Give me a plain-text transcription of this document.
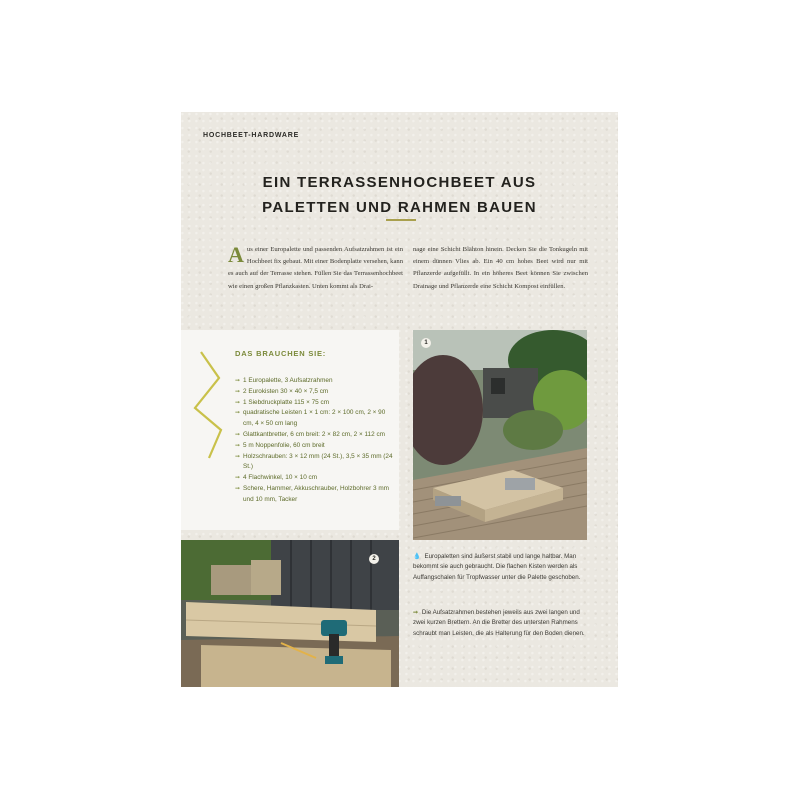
HOCHBEET-HARDWARE
EIN TERRASSENHOCHBEET AUS
PALETTEN UND RAHMEN BAUEN
A us einer Europalette und passenden Aufsatzrahmen ist ein Hochbeet fix gebaut. Mit einer Bodenplatte versehen, kann es auch auf der Terrasse stehen. Füllen Sie das Terrassenhochbeet wie einen großen Pflanzkasten. Unten kommt als Drai-
nage eine Schicht Blähton hinein. Decken Sie die Tonkugeln mit einem dünnen Vlies ab. Ein 40 cm hohes Beet wird nur mit Pflanzerde aufgefüllt. In ein höheres Beet können Sie zwischen Drainage und Pflanzerde eine Schicht Kompost einfüllen.
DAS BRAUCHEN SIE:
➞ 1 Europalette, 3 Aufsatzrahmen
➞ 2 Eurokisten 30 × 40 × 7,5 cm
➞ 1 Siebdruckplatte 115 × 75 cm
➞ quadratische Leisten 1 × 1 cm: 2 × 100 cm, 2 × 90 cm, 4 × 50 cm lang
➞ Glattkantbretter, 6 cm breit: 2 × 82 cm, 2 × 112 cm
➞ 5 m Noppenfolie, 60 cm breit
➞ Holzschrauben: 3 × 12 mm (24 St.), 3,5 × 35 mm (24 St.)
➞ 4 Flachwinkel, 10 × 10 cm
➞ Schere, Hammer, Akkuschrauber, Holzbohrer 3 mm und 10 mm, Tacker
1
2	💧 Europaletten sind äußerst stabil und lange haltbar. Man bekommt sie auch gebraucht. Die flachen Kisten werden als Auffangschalen für Tropfwasser unter die Palette geschoben.
➞ Die Aufsatzrahmen bestehen jeweils aus zwei langen und zwei kurzen Brettern. An die Bretter des untersten Rahmens schraubt man Leisten, die als Halterung für den Boden dienen.
